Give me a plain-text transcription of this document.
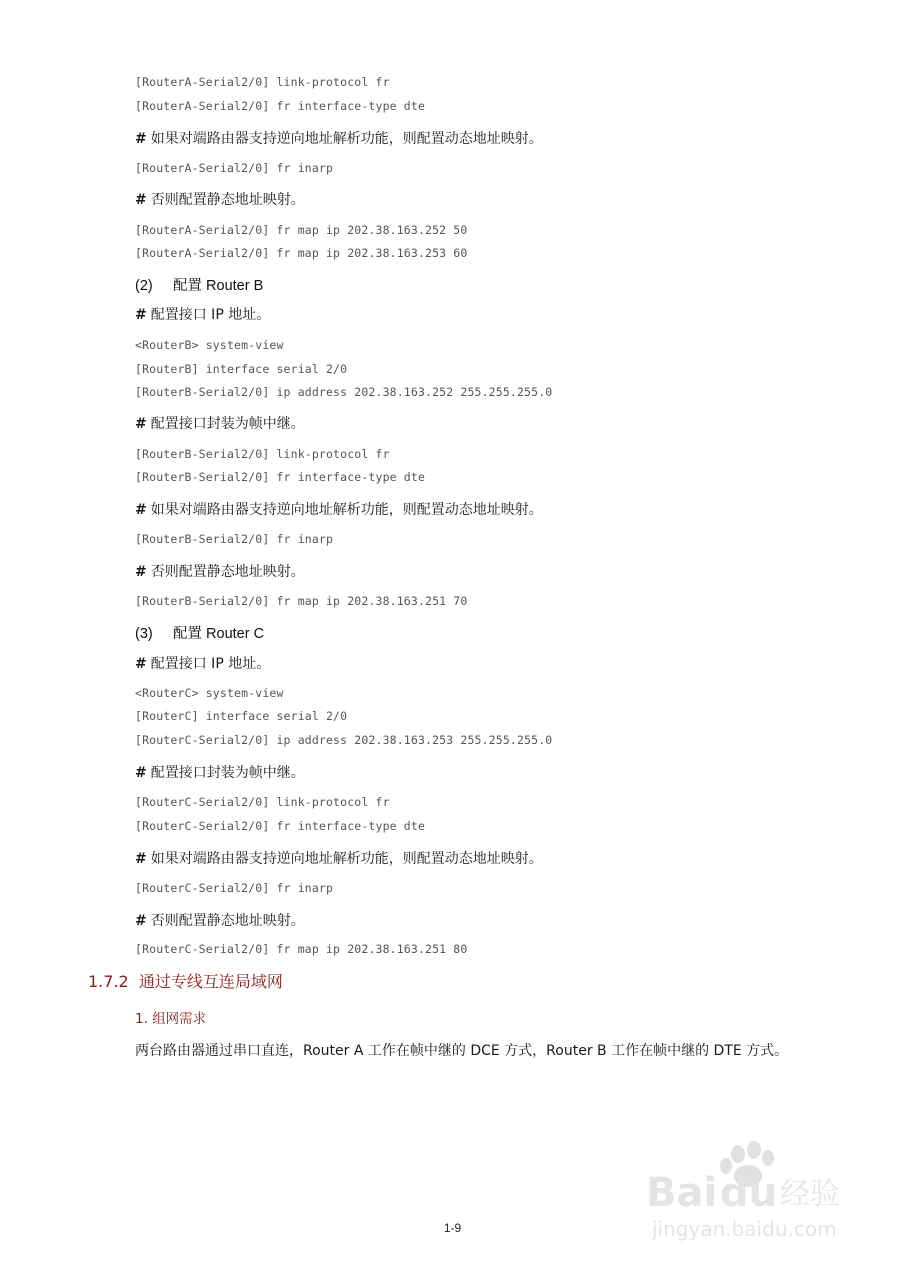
[RouterA-Serial2/0] link-protocol fr
[RouterA-Serial2/0] fr interface-type dte
# 如果对端路由器支持逆向地址解析功能，则配置动态地址映射。
[RouterA-Serial2/0] fr inarp
# 否则配置静态地址映射。
[RouterA-Serial2/0] fr map ip 202.38.163.252 50
[RouterA-Serial2/0] fr map ip 202.38.163.253 60
(2) 配置 Router B
# 配置接口 IP 地址。
<RouterB> system-view
[RouterB] interface serial 2/0
[RouterB-Serial2/0] ip address 202.38.163.252 255.255.255.0
# 配置接口封装为帧中继。
[RouterB-Serial2/0] link-protocol fr
[RouterB-Serial2/0] fr interface-type dte
# 如果对端路由器支持逆向地址解析功能，则配置动态地址映射。
[RouterB-Serial2/0] fr inarp
# 否则配置静态地址映射。
[RouterB-Serial2/0] fr map ip 202.38.163.251 70
(3) 配置 Router C
# 配置接口 IP 地址。
<RouterC> system-view
[RouterC] interface serial 2/0
[RouterC-Serial2/0] ip address 202.38.163.253 255.255.255.0
# 配置接口封装为帧中继。
[RouterC-Serial2/0] link-protocol fr
[RouterC-Serial2/0] fr interface-type dte
# 如果对端路由器支持逆向地址解析功能，则配置动态地址映射。
[RouterC-Serial2/0] fr inarp
# 否则配置静态地址映射。
[RouterC-Serial2/0] fr map ip 202.38.163.251 80
1.7.2 通过专线互连局域网
1. 组网需求
两台路由器通过串口直连，Router A 工作在帧中继的 DCE 方式，Router B 工作在帧中继的 DTE 方式。
1-9
Bai du 经验
jingyan.baidu.com
